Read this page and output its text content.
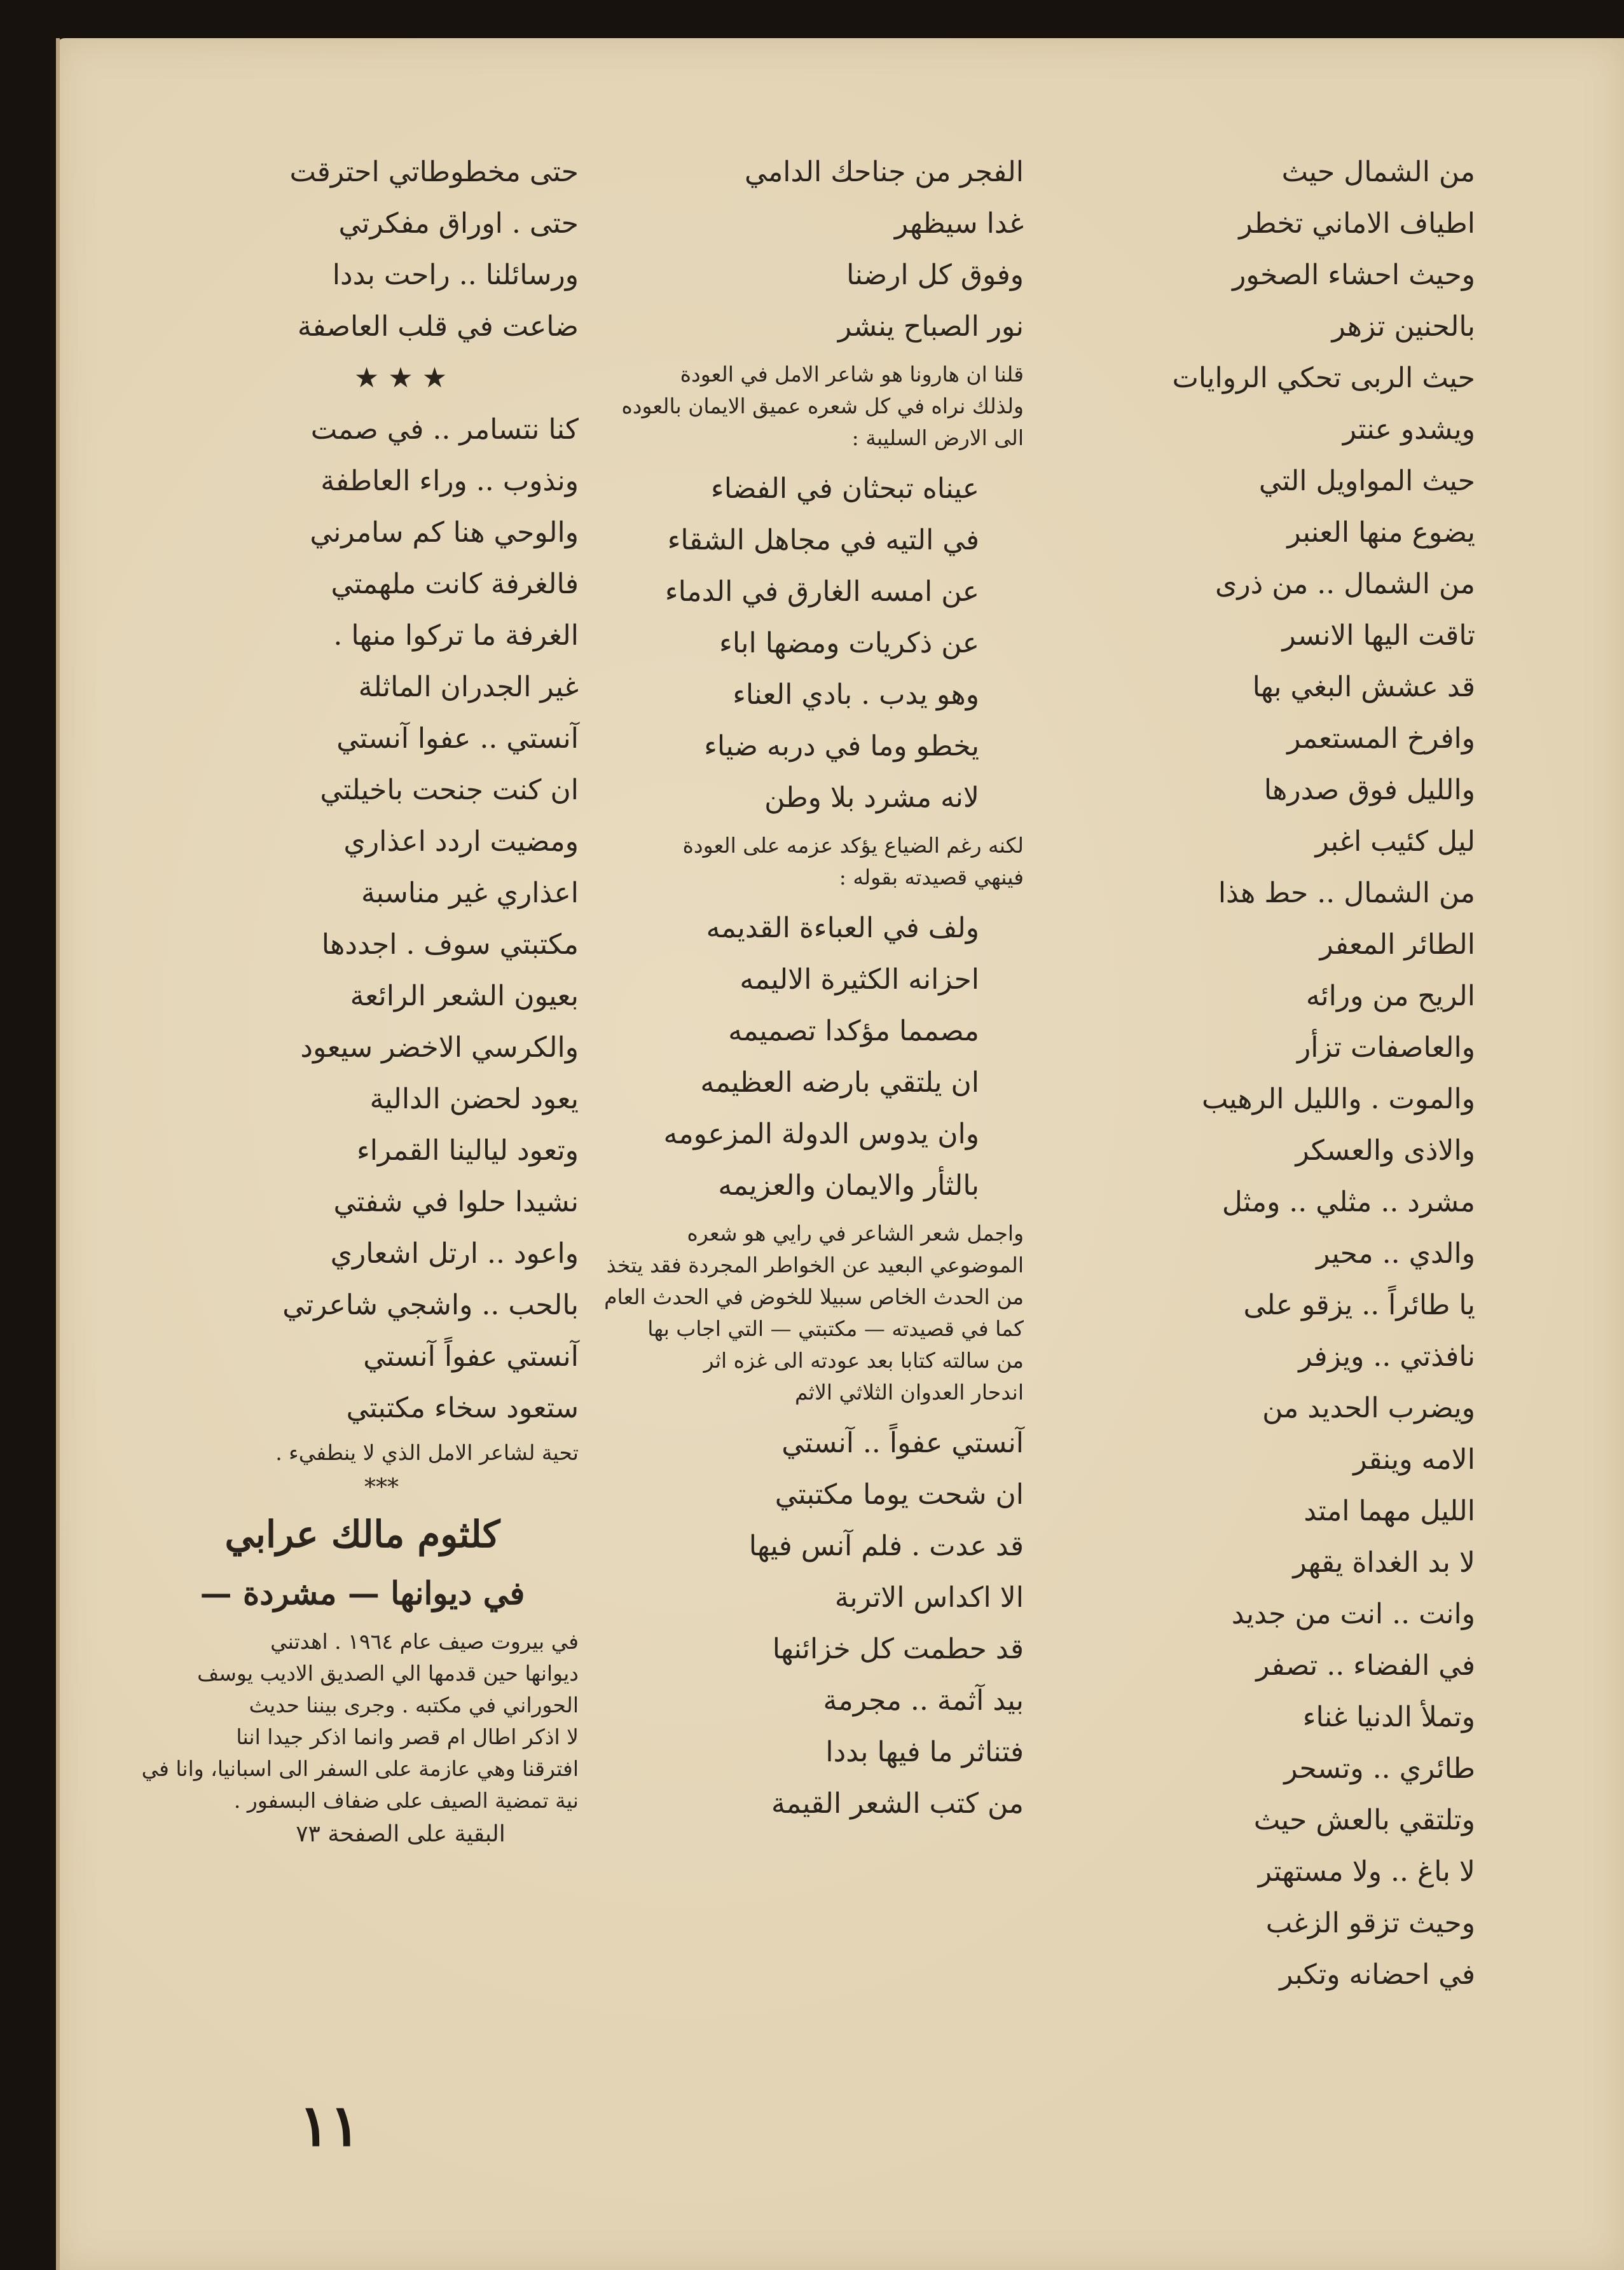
من الشمال حيث
اطياف الاماني تخطر
وحيث احشاء الصخور
بالحنين تزهر
حيث الربى تحكي الروايات
ويشدو عنتر
حيث المواويل التي
يضوع منها العنبر
من الشمال .. من ذرى
تاقت اليها الانسر
قد عشش البغي بها
وافرخ المستعمر
والليل فوق صدرها
ليل كئيب اغبر
من الشمال .. حط هذا
الطائر المعفر
الريح من ورائه
والعاصفات تزأر
والموت . والليل الرهيب
والاذى والعسكر
مشرد .. مثلي .. ومثل
والدي .. محير
يا طائراً .. يزقو على
نافذتي .. ويزفر
ويضرب الحديد من
الامه وينقر
الليل مهما امتد
لا بد الغداة يقهر
وانت .. انت من جديد
في الفضاء .. تصفر
وتملأ الدنيا غناء
طائري .. وتسحر
وتلتقي بالعش حيث
لا باغ .. ولا مستهتر
وحيث تزقو الزغب
في احضانه وتكبر
الفجر من جناحك الدامي
غدا سيظهر
وفوق كل ارضنا
نور الصباح ينشر
قلنا ان هارونا هو شاعر الامل في العودة
ولذلك نراه في كل شعره عميق الايمان بالعوده
الى الارض السليبة :
عيناه تبحثان في الفضاء
في التيه في مجاهل الشقاء
عن امسه الغارق في الدماء
عن ذكريات ومضها اباء
وهو يدب . بادي العناء
يخطو وما في دربه ضياء
لانه مشرد بلا وطن
لكنه رغم الضياع يؤكد عزمه على العودة
فينهي قصيدته بقوله :
ولف في العباءة القديمه
احزانه الكثيرة الاليمه
مصمما مؤكدا تصميمه
ان يلتقي بارضه العظيمه
وان يدوس الدولة المزعومه
بالثأر والايمان والعزيمه
واجمل شعر الشاعر في رايي هو شعره
الموضوعي البعيد عن الخواطر المجردة فقد يتخذ
من الحدث الخاص سبيلا للخوض في الحدث العام
كما في قصيدته — مكتبتي — التي اجاب بها
من سالته كتابا بعد عودته الى غزه اثر
اندحار العدوان الثلاثي الاثم
آنستي عفواً .. آنستي
ان شحت يوما مكتبتي
قد عدت . فلم آنس فيها
الا اكداس الاتربة
قد حطمت كل خزائنها
بيد آثمة .. مجرمة
فتناثر ما فيها بددا
من كتب الشعر القيمة
حتى مخطوطاتي احترقت
حتى . اوراق مفكرتي
ورسائلنا .. راحت بددا
ضاعت في قلب العاصفة
★ ★ ★
كنا نتسامر .. في صمت
ونذوب .. وراء العاطفة
والوحي هنا كم سامرني
فالغرفة كانت ملهمتي
الغرفة ما تركوا منها .
غير الجدران الماثلة
آنستي .. عفوا آنستي
ان كنت جنحت باخيلتي
ومضيت اردد اعذاري
اعذاري غير مناسبة
مكتبتي سوف . اجددها
بعيون الشعر الرائعة
والكرسي الاخضر سيعود
يعود لحضن الدالية
وتعود ليالينا القمراء
نشيدا حلوا في شفتي
واعود .. ارتل اشعاري
بالحب .. واشجي شاعرتي
آنستي عفواً آنستي
ستعود سخاء مكتبتي
تحية لشاعر الامل الذي لا ينطفيء .
***
كلثوم مالك عرابي
في ديوانها — مشردة —
في بيروت صيف عام ١٩٦٤ . اهدتني
ديوانها حين قدمها الي الصديق الاديب يوسف
الحوراني في مكتبه . وجرى بيننا حديث
لا اذكر اطال ام قصر وانما اذكر جيدا اننا
افترقنا وهي عازمة على السفر الى اسبانيا، وانا في
نية تمضية الصيف على ضفاف البسفور .
البقية على الصفحة ٧٣
١١
